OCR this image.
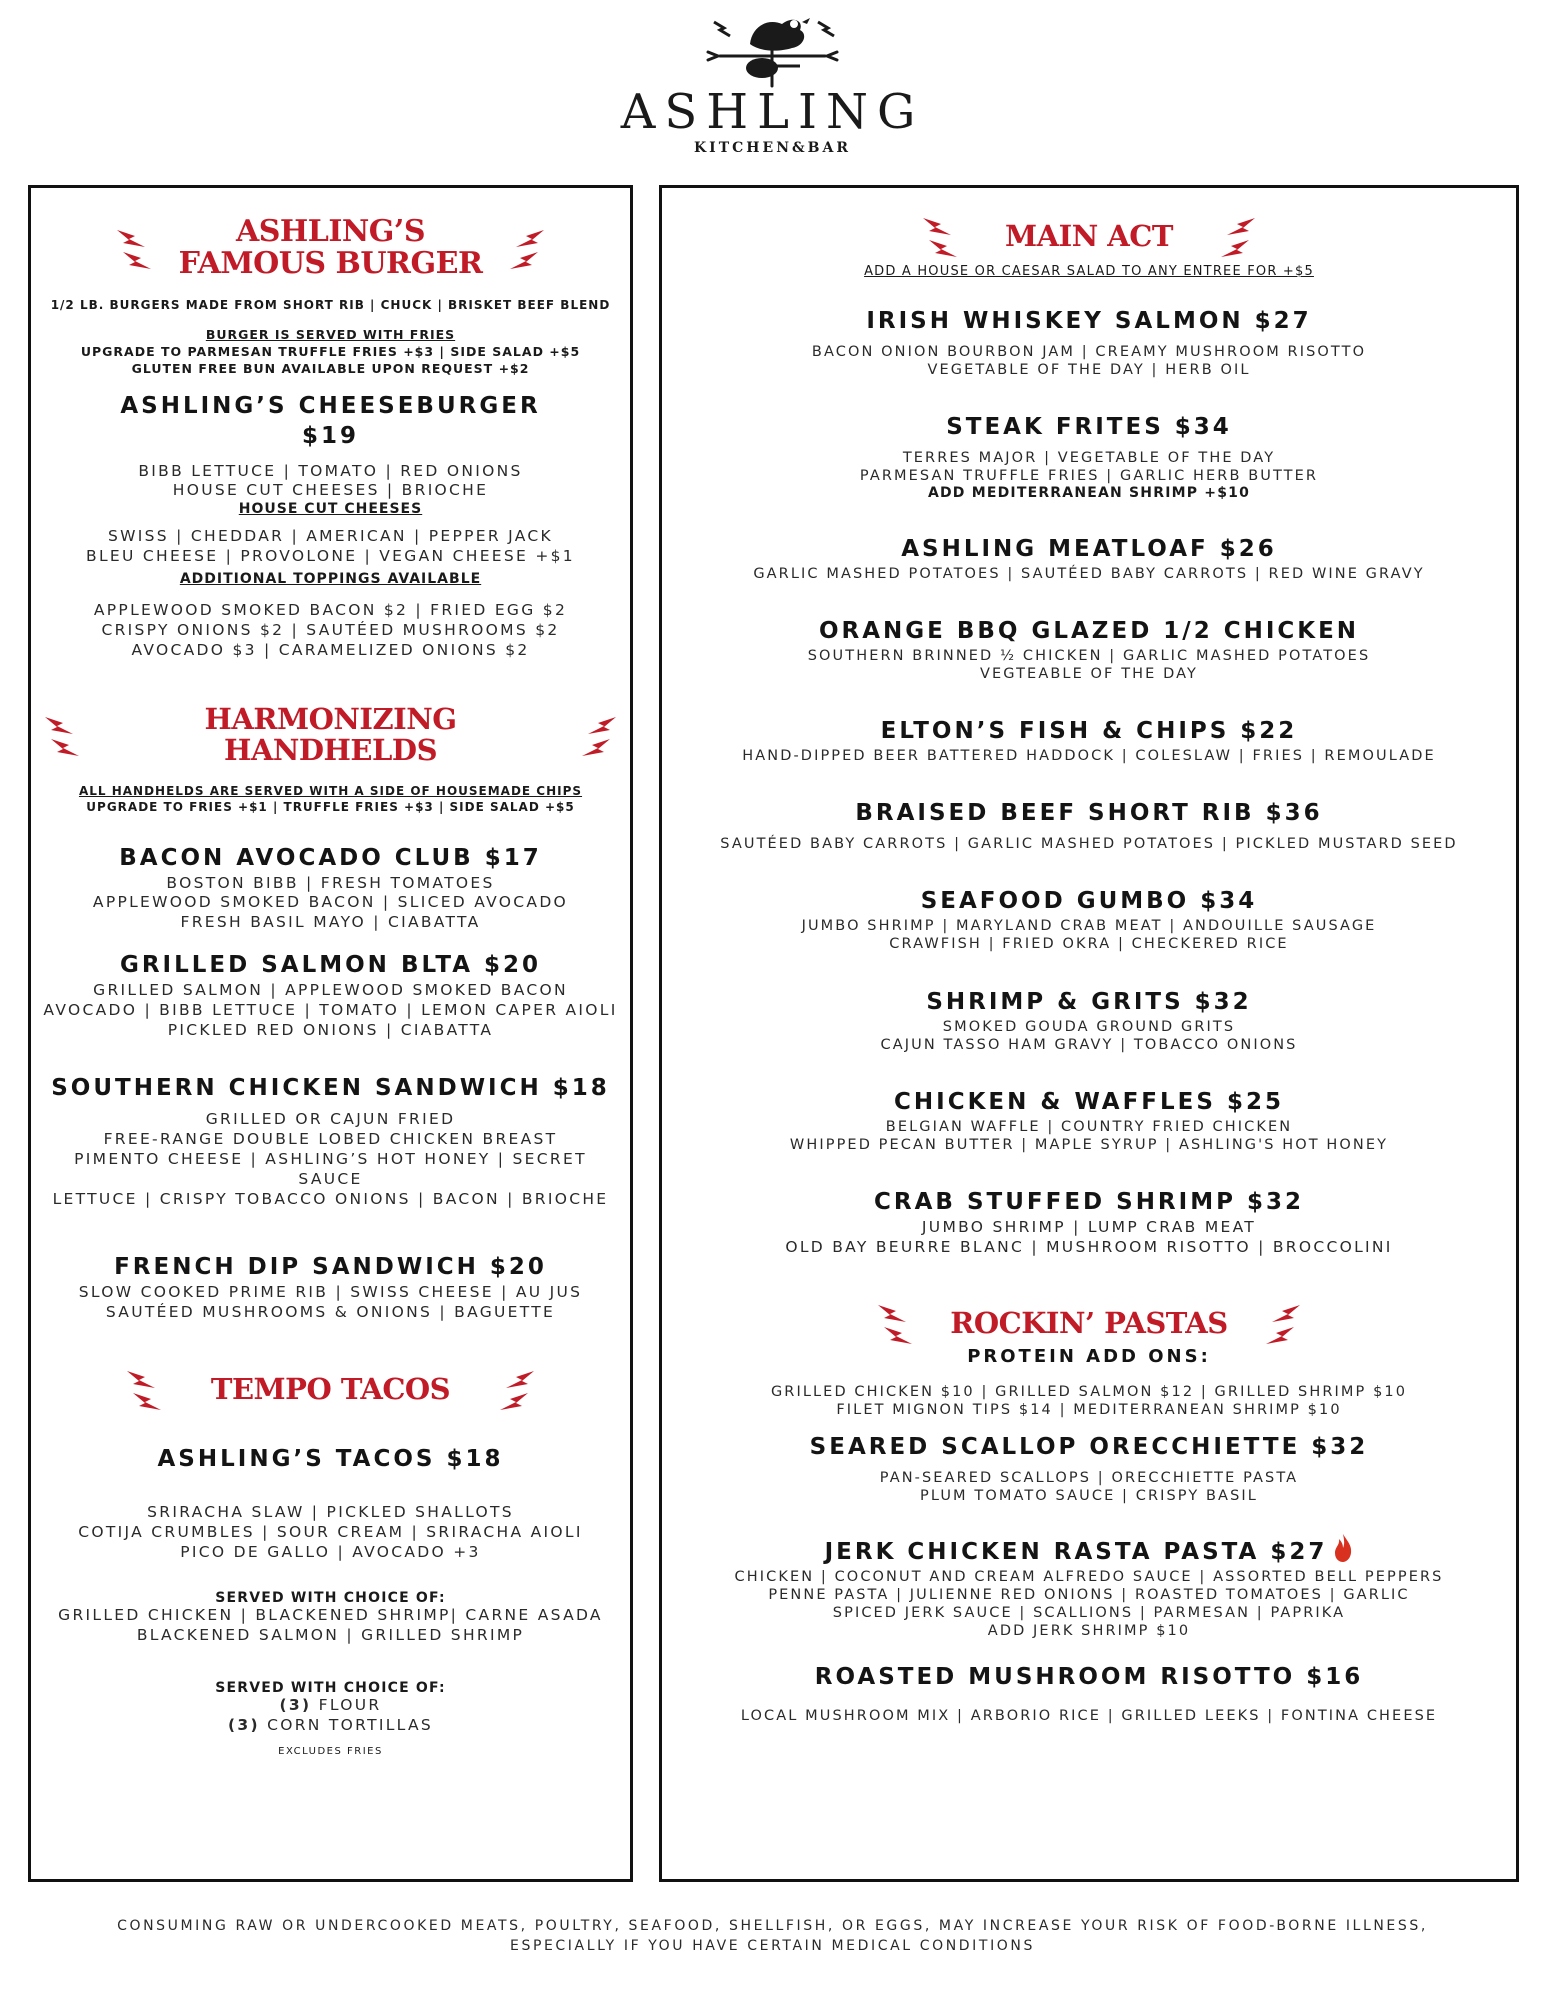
ASHLING
KITCHEN&BAR
ASHLING’S
FAMOUS BURGER
1/2 LB. BURGERS MADE FROM SHORT RIB | CHUCK | BRISKET BEEF BLEND
BURGER IS SERVED WITH FRIES
UPGRADE TO PARMESAN TRUFFLE FRIES +$3 | SIDE SALAD +$5
GLUTEN FREE BUN AVAILABLE UPON REQUEST +$2
ASHLING’S CHEESEBURGER
$19
BIBB LETTUCE | TOMATO | RED ONIONS
HOUSE CUT CHEESES | BRIOCHE
HOUSE CUT CHEESES
SWISS | CHEDDAR | AMERICAN | PEPPER JACK
BLEU CHEESE | PROVOLONE | VEGAN CHEESE +$1
ADDITIONAL TOPPINGS AVAILABLE
APPLEWOOD SMOKED BACON $2 | FRIED EGG $2
CRISPY ONIONS $2 | SAUTÉED MUSHROOMS $2
AVOCADO $3 | CARAMELIZED ONIONS $2
HARMONIZING HANDHELDS
ALL HANDHELDS ARE SERVED WITH A SIDE OF HOUSEMADE CHIPS
UPGRADE TO FRIES +$1 | TRUFFLE FRIES +$3 | SIDE SALAD +$5
BACON AVOCADO CLUB $17
BOSTON BIBB | FRESH TOMATOES
APPLEWOOD SMOKED BACON | SLICED AVOCADO
FRESH BASIL MAYO | CIABATTA
GRILLED SALMON BLTA $20
GRILLED SALMON | APPLEWOOD SMOKED BACON
AVOCADO | BIBB LETTUCE | TOMATO | LEMON CAPER AIOLI
PICKLED RED ONIONS | CIABATTA
SOUTHERN CHICKEN SANDWICH $18
GRILLED OR CAJUN FRIED
FREE-RANGE DOUBLE LOBED CHICKEN BREAST
PIMENTO CHEESE | ASHLING’S HOT HONEY | SECRET SAUCE
LETTUCE | CRISPY TOBACCO ONIONS | BACON | BRIOCHE
FRENCH DIP SANDWICH $20
SLOW COOKED PRIME RIB | SWISS CHEESE | AU JUS
SAUTÉED MUSHROOMS & ONIONS | BAGUETTE
TEMPO TACOS
ASHLING’S TACOS $18
SRIRACHA SLAW | PICKLED SHALLOTS
COTIJA CRUMBLES | SOUR CREAM | SRIRACHA AIOLI
PICO DE GALLO | AVOCADO +3
SERVED WITH CHOICE OF:
GRILLED CHICKEN | BLACKENED SHRIMP| CARNE ASADA
BLACKENED SALMON | GRILLED SHRIMP
SERVED WITH CHOICE OF:
(3) FLOUR
(3) CORN TORTILLAS
EXCLUDES FRIES
MAIN ACT
ADD A HOUSE OR CAESAR SALAD TO ANY ENTREE FOR +$5
IRISH WHISKEY SALMON $27
BACON ONION BOURBON JAM | CREAMY MUSHROOM RISOTTO
VEGETABLE OF THE DAY | HERB OIL
STEAK FRITES $34
TERRES MAJOR | VEGETABLE OF THE DAY
PARMESAN TRUFFLE FRIES | GARLIC HERB BUTTER
ADD MEDITERRANEAN SHRIMP +$10
ASHLING MEATLOAF $26
GARLIC MASHED POTATOES | SAUTÉED BABY CARROTS | RED WINE GRAVY
ORANGE BBQ GLAZED 1/2 CHICKEN
SOUTHERN BRINNED ½ CHICKEN | GARLIC MASHED POTATOES
VEGTEABLE OF THE DAY
ELTON’S FISH & CHIPS $22
HAND-DIPPED BEER BATTERED HADDOCK | COLESLAW | FRIES | REMOULADE
BRAISED BEEF SHORT RIB $36
SAUTÉED BABY CARROTS | GARLIC MASHED POTATOES | PICKLED MUSTARD SEED
SEAFOOD GUMBO $34
JUMBO SHRIMP | MARYLAND CRAB MEAT | ANDOUILLE SAUSAGE
CRAWFISH | FRIED OKRA | CHECKERED RICE
SHRIMP & GRITS $32
SMOKED GOUDA GROUND GRITS
CAJUN TASSO HAM GRAVY | TOBACCO ONIONS
CHICKEN & WAFFLES $25
BELGIAN WAFFLE | COUNTRY FRIED CHICKEN
WHIPPED PECAN BUTTER | MAPLE SYRUP | ASHLING'S HOT HONEY
CRAB STUFFED SHRIMP $32
JUMBO SHRIMP | LUMP CRAB MEAT
OLD BAY BEURRE BLANC | MUSHROOM RISOTTO | BROCCOLINI
ROCKIN’ PASTAS
PROTEIN ADD ONS:
GRILLED CHICKEN $10 | GRILLED SALMON $12 | GRILLED SHRIMP $10
FILET MIGNON TIPS $14 | MEDITERRANEAN SHRIMP $10
SEARED SCALLOP ORECCHIETTE $32
PAN-SEARED SCALLOPS | ORECCHIETTE PASTA
PLUM TOMATO SAUCE | CRISPY BASIL
JERK CHICKEN RASTA PASTA $27
CHICKEN | COCONUT AND CREAM ALFREDO SAUCE | ASSORTED BELL PEPPERS
PENNE PASTA | JULIENNE RED ONIONS | ROASTED TOMATOES | GARLIC
SPICED JERK SAUCE | SCALLIONS | PARMESAN | PAPRIKA
ADD JERK SHRIMP $10
ROASTED MUSHROOM RISOTTO $16
LOCAL MUSHROOM MIX | ARBORIO RICE | GRILLED LEEKS | FONTINA CHEESE
CONSUMING RAW OR UNDERCOOKED MEATS, POULTRY, SEAFOOD, SHELLFISH, OR EGGS, MAY INCREASE YOUR RISK OF FOOD-BORNE ILLNESS,
ESPECIALLY IF YOU HAVE CERTAIN MEDICAL CONDITIONS
